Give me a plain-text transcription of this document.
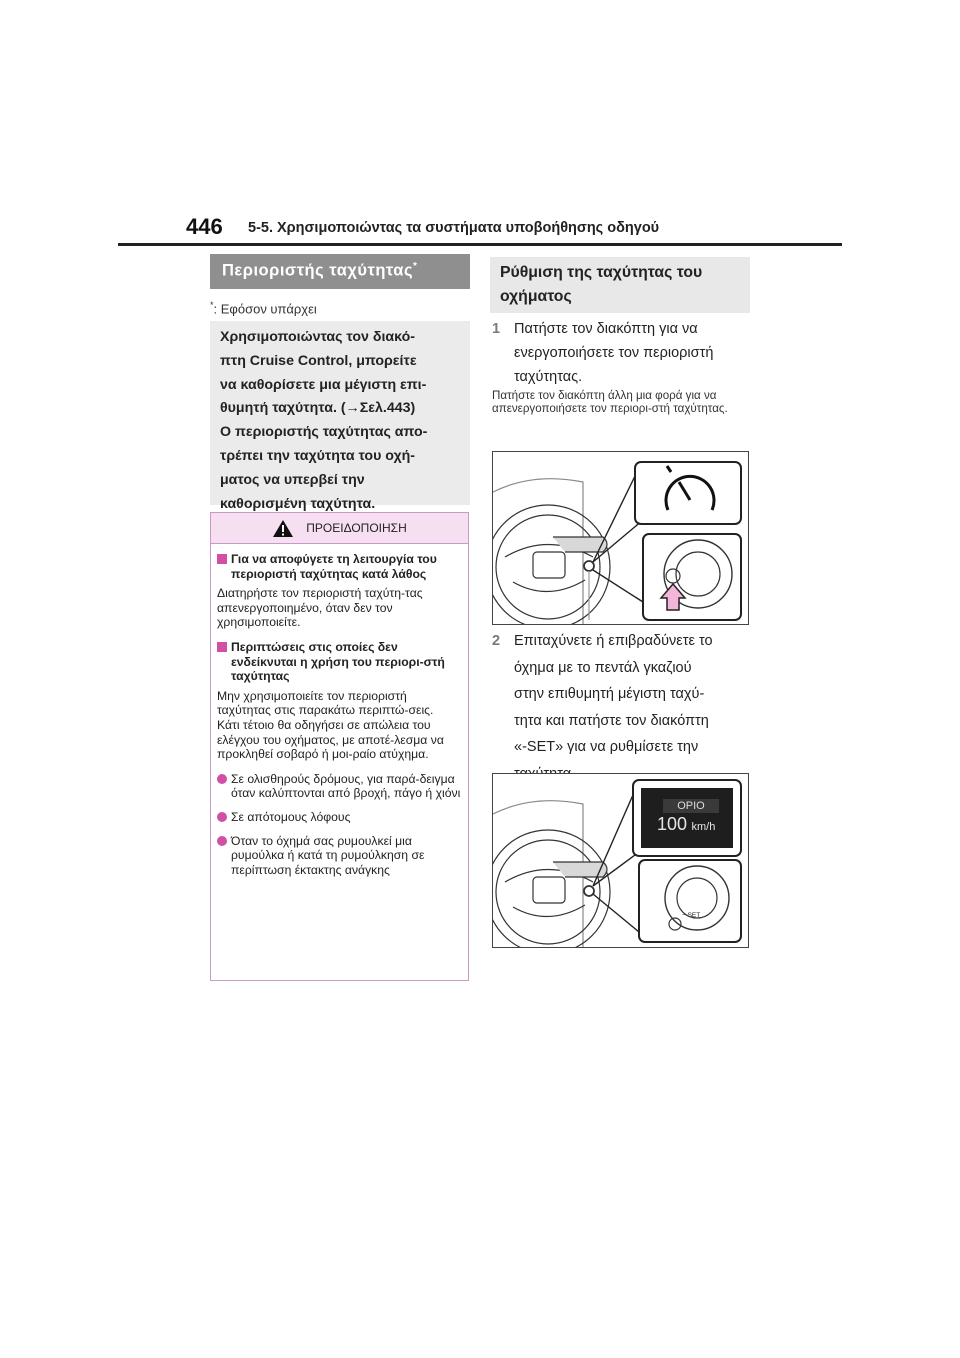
446 5-5. Χρησιμοποιώντας τα συστήματα υποβοήθησης οδηγού
Περιοριστής ταχύτητας*
*: Εφόσον υπάρχει
Χρησιμοποιώντας τον διακό-
πτη Cruise Control, μπορείτε
να καθορίσετε μια μέγιστη επι-
θυμητή ταχύτητα. (→Σελ.443)
Ο περιοριστής ταχύτητας απο-
τρέπει την ταχύτητα του οχή-
ματος να υπερβεί την
καθορισμένη ταχύτητα.
ΠΡΟΕΙΔΟΠΟΙΗΣΗ
Για να αποφύγετε τη λειτουργία του περιοριστή ταχύτητας κατά λάθος
Διατηρήστε τον περιοριστή ταχύτη-τας απενεργοποιημένο, όταν δεν τον χρησιμοποιείτε.
Περιπτώσεις στις οποίες δεν ενδείκνυται η χρήση του περιορι-στή ταχύτητας
Μην χρησιμοποιείτε τον περιοριστή ταχύτητας στις παρακάτω περιπτώ-σεις.
Κάτι τέτοιο θα οδηγήσει σε απώλεια του ελέγχου του οχήματος, με αποτέ-λεσμα να προκληθεί σοβαρό ή μοι-ραίο ατύχημα.
Σε ολισθηρούς δρόμους, για παρά-δειγμα όταν καλύπτονται από βροχή, πάγο ή χιόνι
Σε απότομους λόφους
Όταν το όχημά σας ρυμουλκεί μια ρυμούλκα ή κατά τη ρυμούλκηση σε περίπτωση έκτακτης ανάγκης
Ρύθμιση της ταχύτητας του
οχήματος
1 Πατήστε τον διακόπτη για να
ενεργοποιήσετε τον περιοριστή
ταχύτητας.
Πατήστε τον διακόπτη άλλη μια φορά για να απενεργοποιήσετε τον περιορι-στή ταχύτητας.
2 Επιταχύνετε ή επιβραδύνετε το
όχημα με το πεντάλ γκαζιού
στην επιθυμητή μέγιστη ταχύ-
τητα και πατήστε τον διακόπτη
«-SET» για να ρυθμίσετε την
OPIO
100 km/h
− SET
